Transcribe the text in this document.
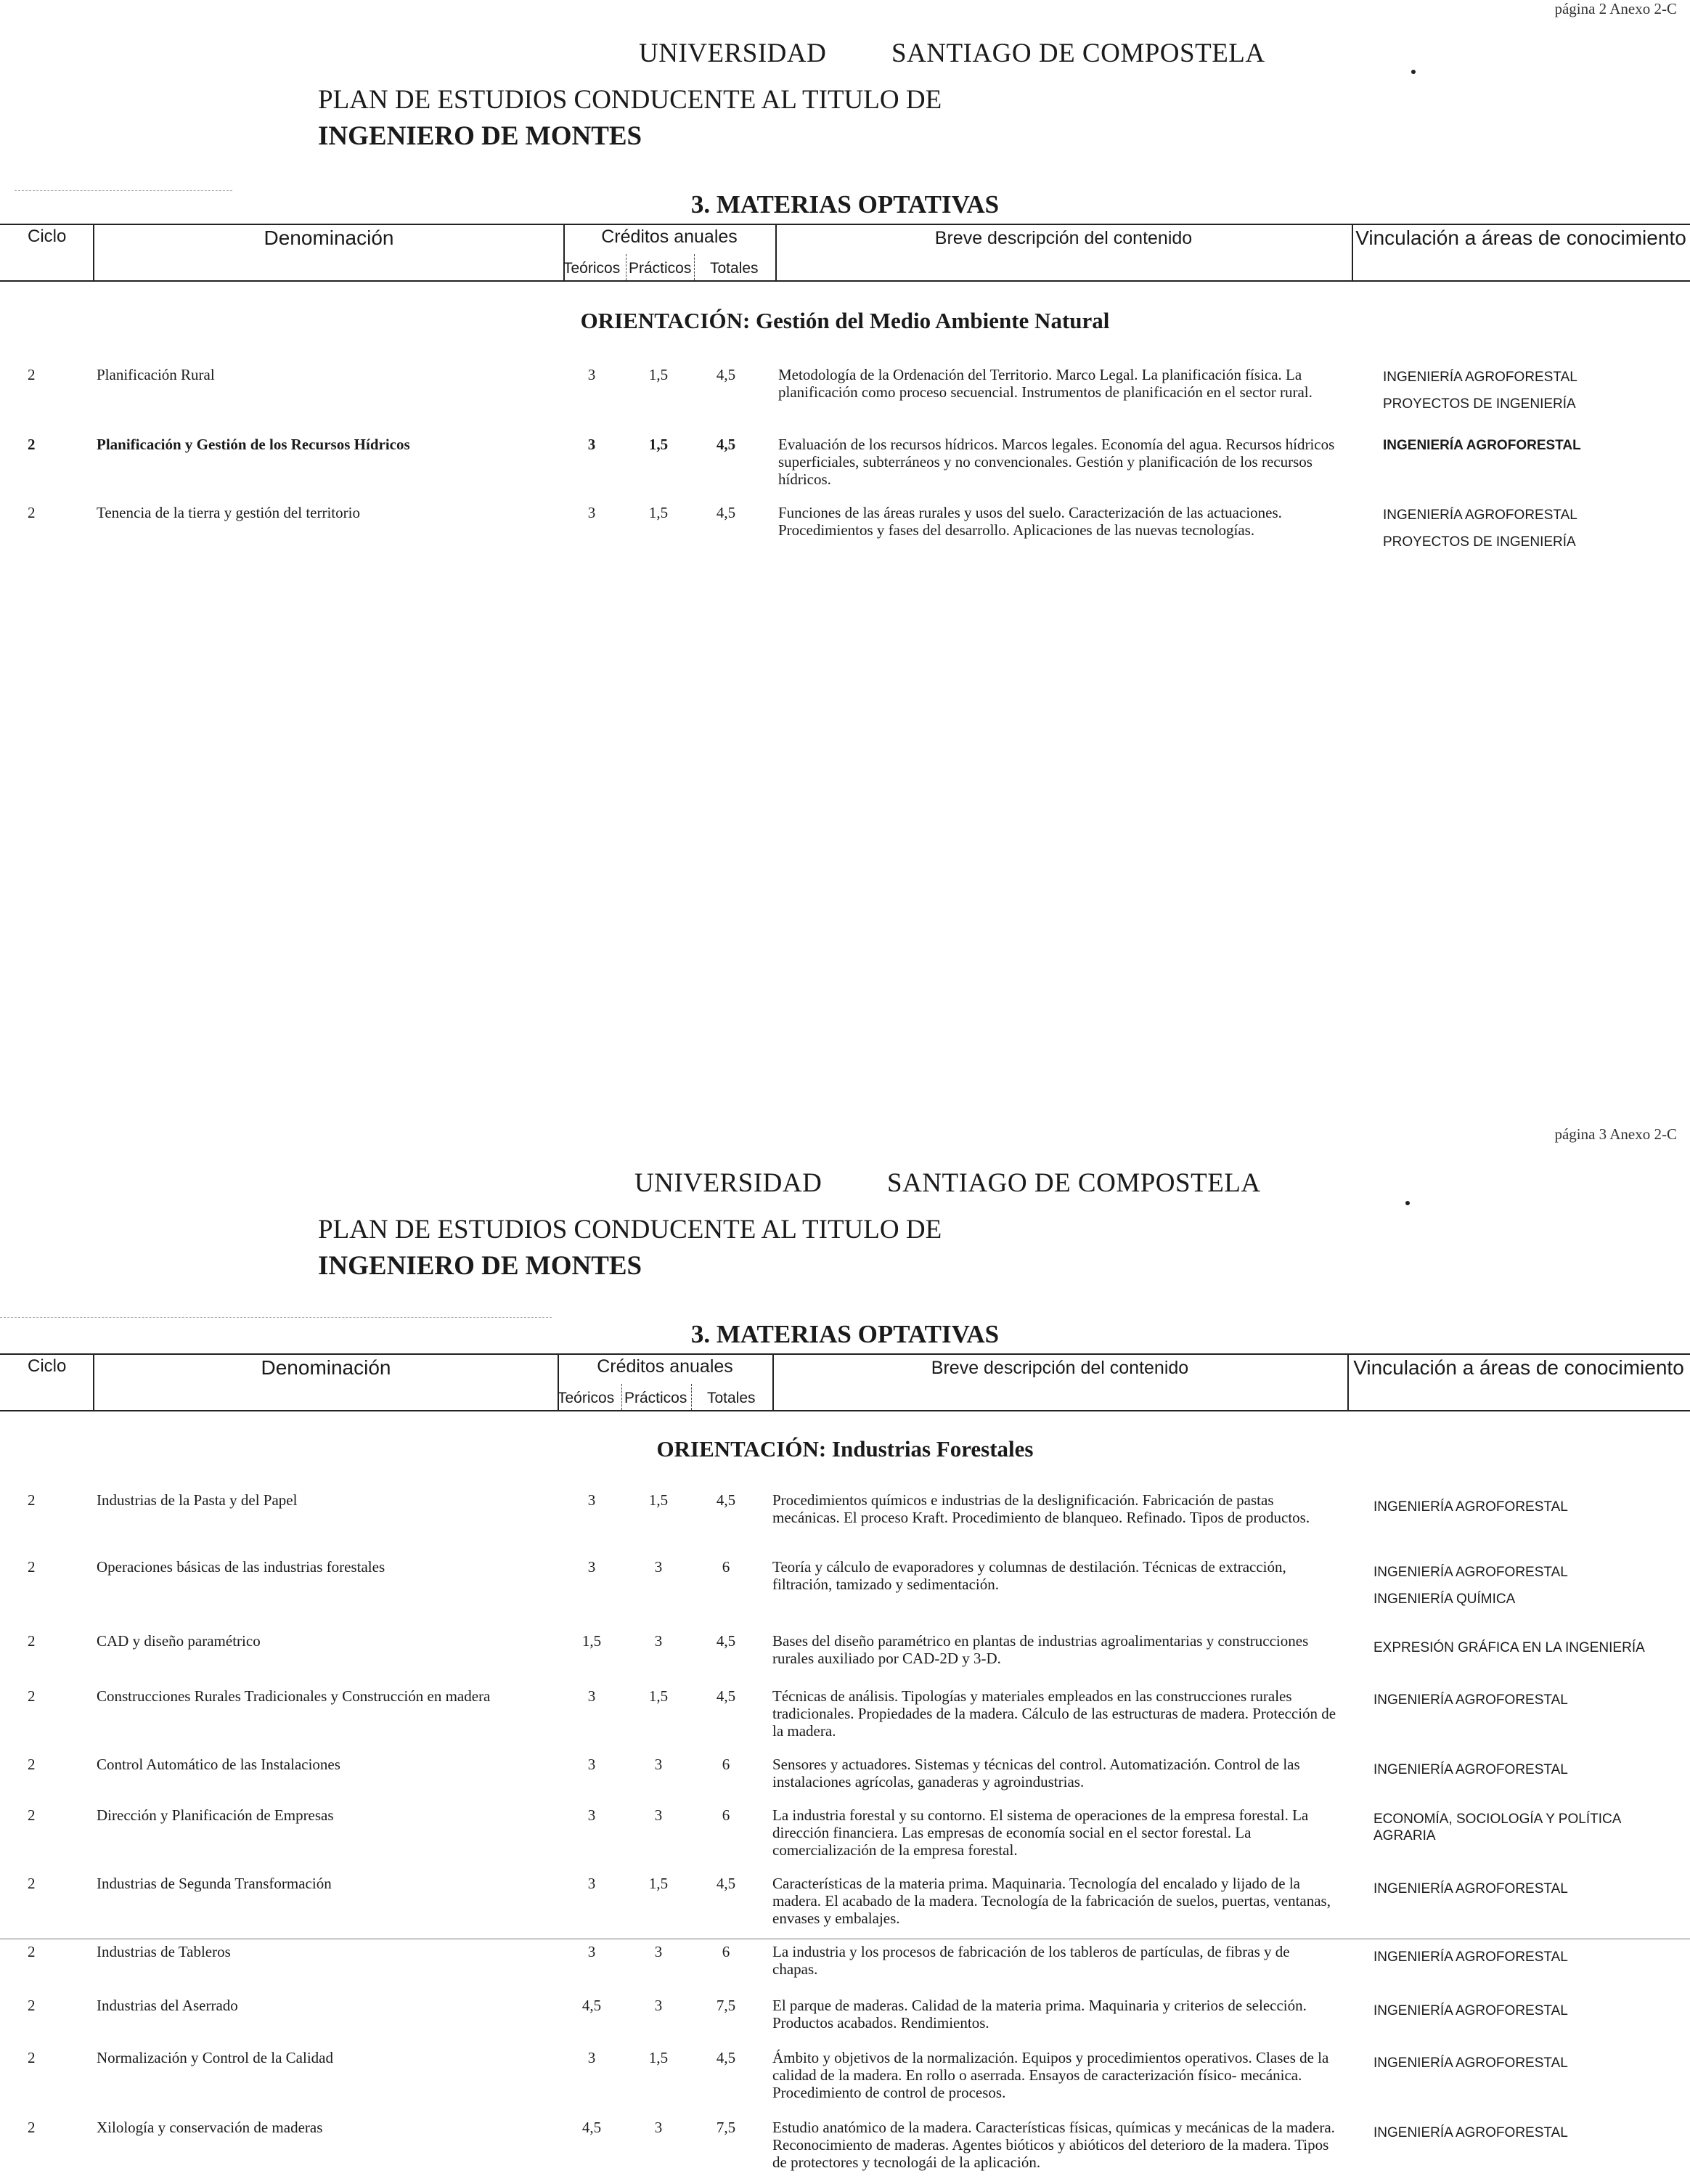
página 2 Anexo 2-C
UNIVERSIDAD SANTIAGO DE COMPOSTELA
PLAN DE ESTUDIOS CONDUCENTE AL TITULO DE
INGENIERO DE MONTES
3. MATERIAS OPTATIVAS
Ciclo	Denominación	Créditos anuales
Teóricos Prácticos Totales
Breve descripción del contenido	Vinculación a áreas de conocimiento
ORIENTACIÓN: Gestión del Medio Ambiente Natural
2	Planificación Rural	3	1,5	4,5	Metodología de la Ordenación del Territorio. Marco Legal. La planificación física. La planificación como proceso secuencial. Instrumentos de planificación en el sector rural.
INGENIERÍA AGROFORESTAL
PROYECTOS DE INGENIERÍA
2	Planificación y Gestión de los Recursos Hídricos	3	1,5	4,5	Evaluación de los recursos hídricos. Marcos legales. Economía del agua. Recursos hídricos superficiales, subterráneos y no convencionales. Gestión y planificación de los recursos hídricos.
INGENIERÍA AGROFORESTAL
2	Tenencia de la tierra y gestión del territorio	3	1,5	4,5	Funciones de las áreas rurales y usos del suelo. Caracterización de las actuaciones. Procedimientos y fases del desarrollo. Aplicaciones de las nuevas tecnologías.
INGENIERÍA AGROFORESTAL
PROYECTOS DE INGENIERÍA
página 3 Anexo 2-C
UNIVERSIDAD SANTIAGO DE COMPOSTELA
PLAN DE ESTUDIOS CONDUCENTE AL TITULO DE
INGENIERO DE MONTES
3. MATERIAS OPTATIVAS
Ciclo	Denominación	Créditos anuales
Teóricos Prácticos Totales
Breve descripción del contenido	Vinculación a áreas de conocimiento
ORIENTACIÓN: Industrias Forestales
2	Industrias de la Pasta y del Papel	3	1,5	4,5	Procedimientos químicos e industrias de la deslignificación. Fabricación de pastas mecánicas. El proceso Kraft. Procedimiento de blanqueo. Refinado. Tipos de productos.
INGENIERÍA AGROFORESTAL
2	Operaciones básicas de las industrias forestales	3	3	6	Teoría y cálculo de evaporadores y columnas de destilación. Técnicas de extracción, filtración, tamizado y sedimentación.
INGENIERÍA AGROFORESTAL
INGENIERÍA QUÍMICA
2	CAD y diseño paramétrico	1,5	3	4,5	Bases del diseño paramétrico en plantas de industrias agroalimentarias y construcciones rurales auxiliado por CAD-2D y 3-D.
EXPRESIÓN GRÁFICA EN LA INGENIERÍA
2	Construcciones Rurales Tradicionales y Construcción en madera	3	1,5	4,5	Técnicas de análisis. Tipologías y materiales empleados en las construcciones rurales tradicionales. Propiedades de la madera. Cálculo de las estructuras de madera. Protección de la madera.
INGENIERÍA AGROFORESTAL
2	Control Automático de las Instalaciones	3	3	6	Sensores y actuadores. Sistemas y técnicas del control. Automatización. Control de las instalaciones agrícolas, ganaderas y agroindustrias.
INGENIERÍA AGROFORESTAL
2	Dirección y Planificación de Empresas	3	3	6	La industria forestal y su contorno. El sistema de operaciones de la empresa forestal. La dirección financiera. Las empresas de economía social en el sector forestal. La comercialización de la empresa forestal.
ECONOMÍA, SOCIOLOGÍA Y POLÍTICA AGRARIA
2	Industrias de Segunda Transformación	3	1,5	4,5	Características de la materia prima. Maquinaria. Tecnología del encalado y lijado de la madera. El acabado de la madera. Tecnología de la fabricación de suelos, puertas, ventanas, envases y embalajes.
INGENIERÍA AGROFORESTAL
2	Industrias de Tableros	3	3	6	La industria y los procesos de fabricación de los tableros de partículas, de fibras y de chapas.
INGENIERÍA AGROFORESTAL
2	Industrias del Aserrado	4,5	3	7,5	El parque de maderas. Calidad de la materia prima. Maquinaria y criterios de selección. Productos acabados. Rendimientos.
INGENIERÍA AGROFORESTAL
2	Normalización y Control de la Calidad	3	1,5	4,5	Ámbito y objetivos de la normalización. Equipos y procedimientos operativos. Clases de la calidad de la madera. En rollo o aserrada. Ensayos de caracterización físico- mecánica. Procedimiento de control de procesos.
INGENIERÍA AGROFORESTAL
2	Xilología y conservación de maderas	4,5	3	7,5	Estudio anatómico de la madera. Características físicas, químicas y mecánicas de la madera. Reconocimiento de maderas. Agentes bióticos y abióticos del deterioro de la madera. Tipos de protectores y tecnologái de la aplicación.
INGENIERÍA AGROFORESTAL
